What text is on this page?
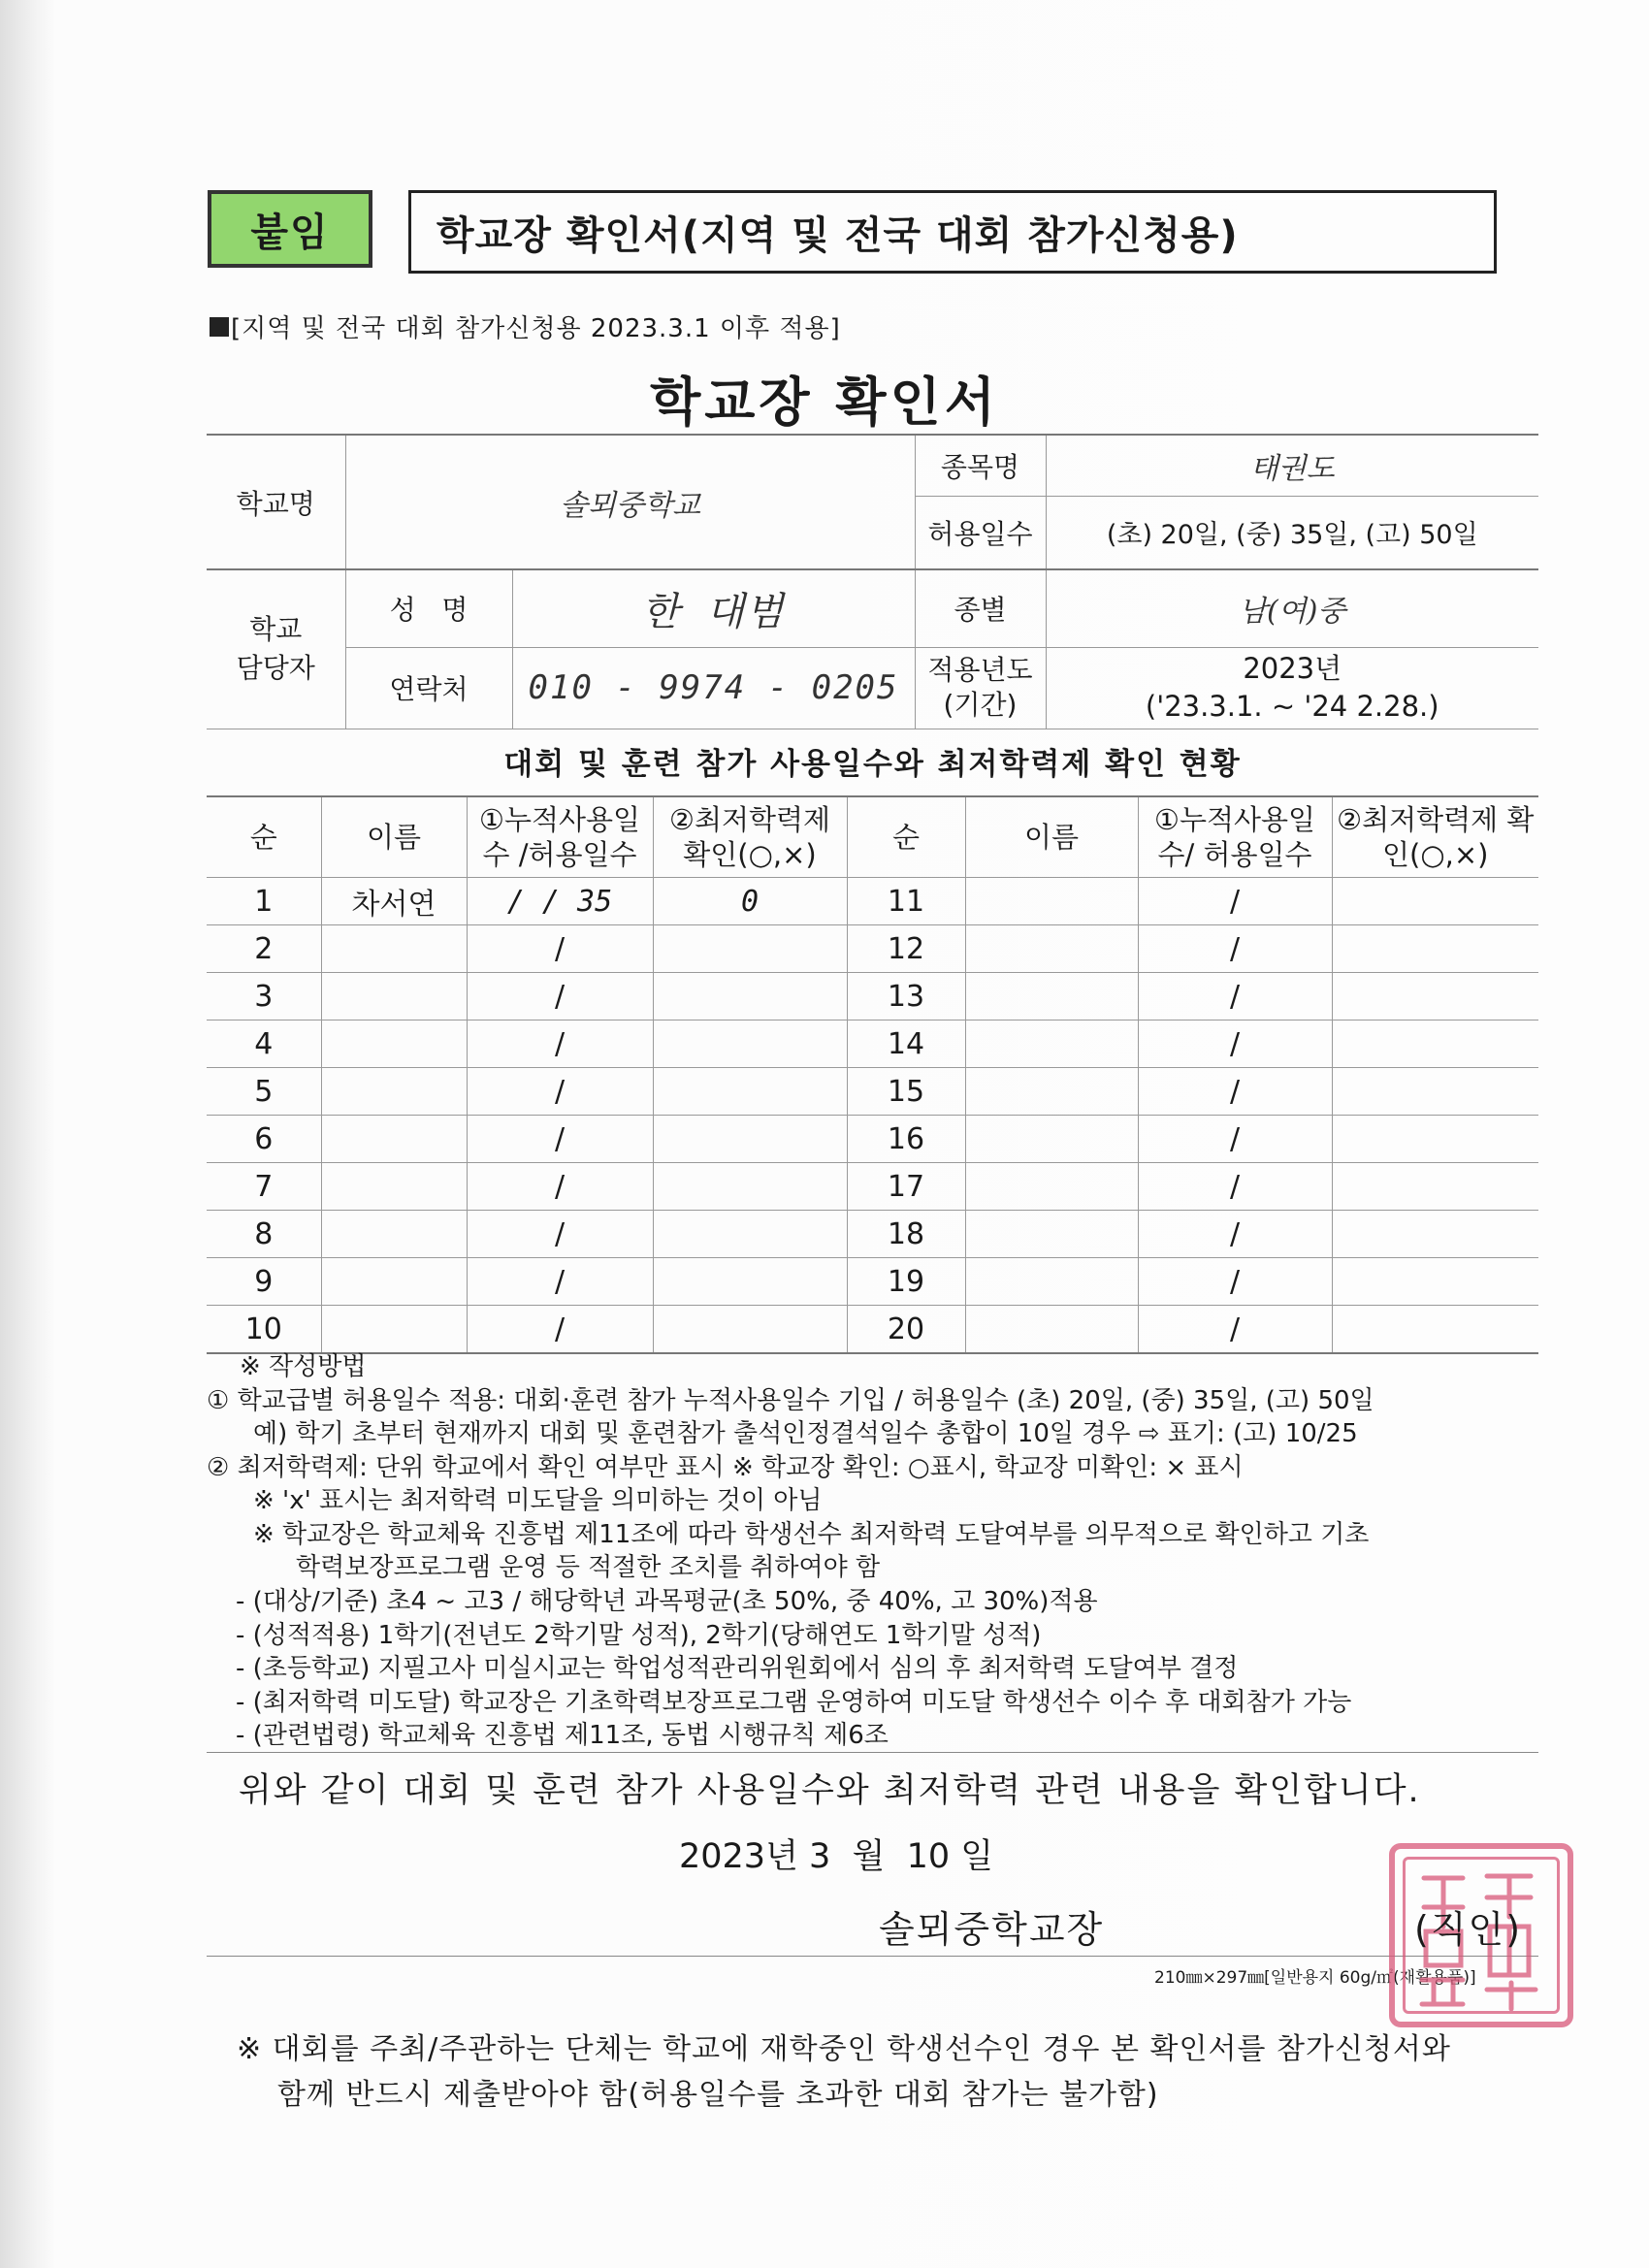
붙임	학교장 확인서(지역 및 전국 대회 참가신청용)
[지역 및 전국 대회 참가신청용 2023.3.1 이후 적용]
학교장 확인서
학교명	솔뫼중학교		종목명	태권도
			허용일수	(초) 20일, (중) 35일, (고) 50일
학교 담당자	성   명	한 대범	종별	남(여)중
	연락처	010 - 9974 - 0205	적용년도 (기간)	2023년
('23.3.1. ~ '24 2.28.)
대회 및 훈련 참가 사용일수와 최저학력제 확인 현황
순	이름	①누적사용일수 /허용일수	②최저학력제 확인(○,×)	순	이름	①누적사용일수/ 허용일수	②최저학력제 확인(○,×)
1	차서연	/ / 35	0	11		/	
2		/		12		/	
3		/		13		/	
4		/		14		/	
5		/		15		/	
6		/		16		/	
7		/		17		/	
8		/		18		/	
9		/		19		/	
10		/		20		/	

※ 작성방법

① 학교급별 허용일수 적용: 대회·훈련 참가 누적사용일수 기입 / 허용일수 (초) 20일, (중) 35일, (고) 50일

예) 학기 초부터 현재까지 대회 및 훈련참가 출석인정결석일수 총합이 10일 경우 ⇨ 표기: (고) 10/25

② 최저학력제: 단위 학교에서 확인 여부만 표시 ※ 학교장 확인: ○표시, 학교장 미확인: × 표시

※ 'x' 표시는 최저학력 미도달을 의미하는 것이 아님

※ 학교장은 학교체육 진흥법 제11조에 따라 학생선수 최저학력 도달여부를 의무적으로 확인하고 기초

학력보장프로그램 운영 등 적절한 조치를 취하여야 함

- (대상/기준) 초4 ~ 고3 / 해당학년 과목평균(초 50%, 중 40%, 고 30%)적용

- (성적적용) 1학기(전년도 2학기말 성적), 2학기(당해연도 1학기말 성적)

- (초등학교) 지필고사 미실시교는 학업성적관리위원회에서 심의 후 최저학력 도달여부 결정

- (최저학력 미도달) 학교장은 기초학력보장프로그램 운영하여 미도달 학생선수 이수 후 대회참가 가능

- (관련법령) 학교체육 진흥법 제11조, 동법 시행규칙 제6조

위와 같이 대회 및 훈련 참가 사용일수와 최저학력 관련 내용을 확인합니다.
2023년 3  월  10 일
솔뫼중학교장	(직인)
210㎜×297㎜[일반용지 60g/㎡(재활용품)]

※ 대회를 주최/주관하는 단체는 학교에 재학중인 학생선수인 경우 본 확인서를 참가신청서와

함께 반드시 제출받아야 함(허용일수를 초과한 대회 참가는 불가함)
